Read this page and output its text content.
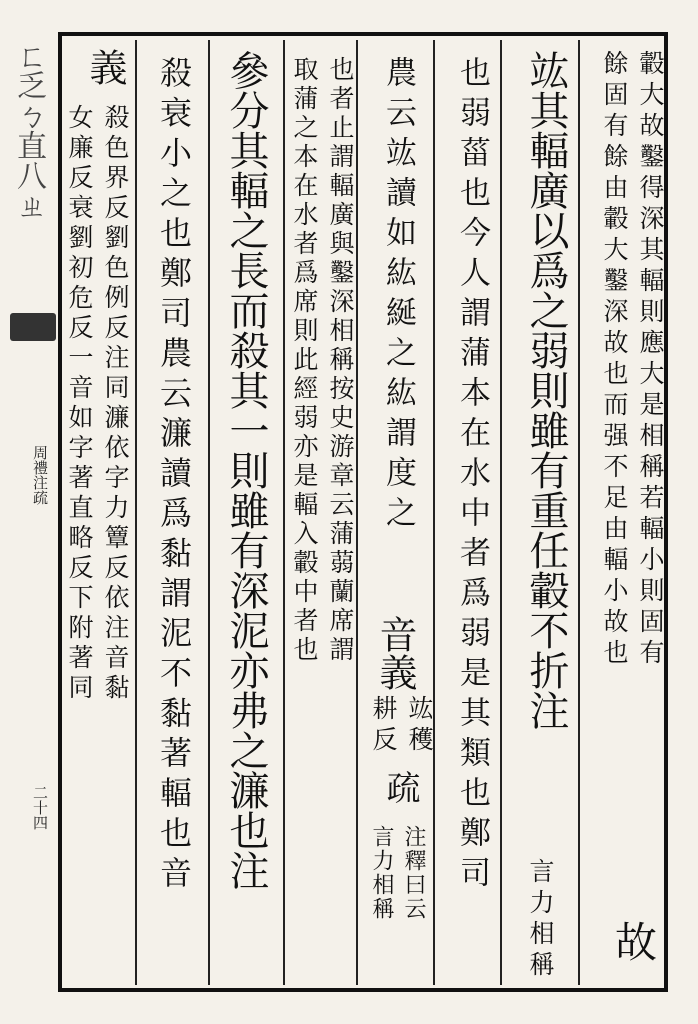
ㄈ乏ㄅ直八ㄓ
周禮注疏
二十四
轂大故鑿得深其輻則應大是相稱若輻小則固有
餘固有餘由轂大鑿深故也而强不足由輻小故也
故
竑其輻廣以爲之弱則雖有重任轂不折注
言力相稱
也弱菑也今人謂蒲本在水中者爲弱是其類也鄭司
農云竑讀如紘綖之紘謂度之
音義
竑穫
耕反
疏
注釋曰云
言力相稱
也者止謂輻廣與鑿深相稱按史游章云蒲蒻蘭席謂
取蒲之本在水者爲席則此經弱亦是輻入轂中者也
參分其輻之長而殺其一則雖有深泥亦弗之濂也注
殺衰小之也鄭司農云濂讀爲黏謂泥不黏著輻也音
義
殺色界反劉色例反注同濂依字力簟反依注音黏
女廉反衰劉初危反一音如字著直略反下附著同
